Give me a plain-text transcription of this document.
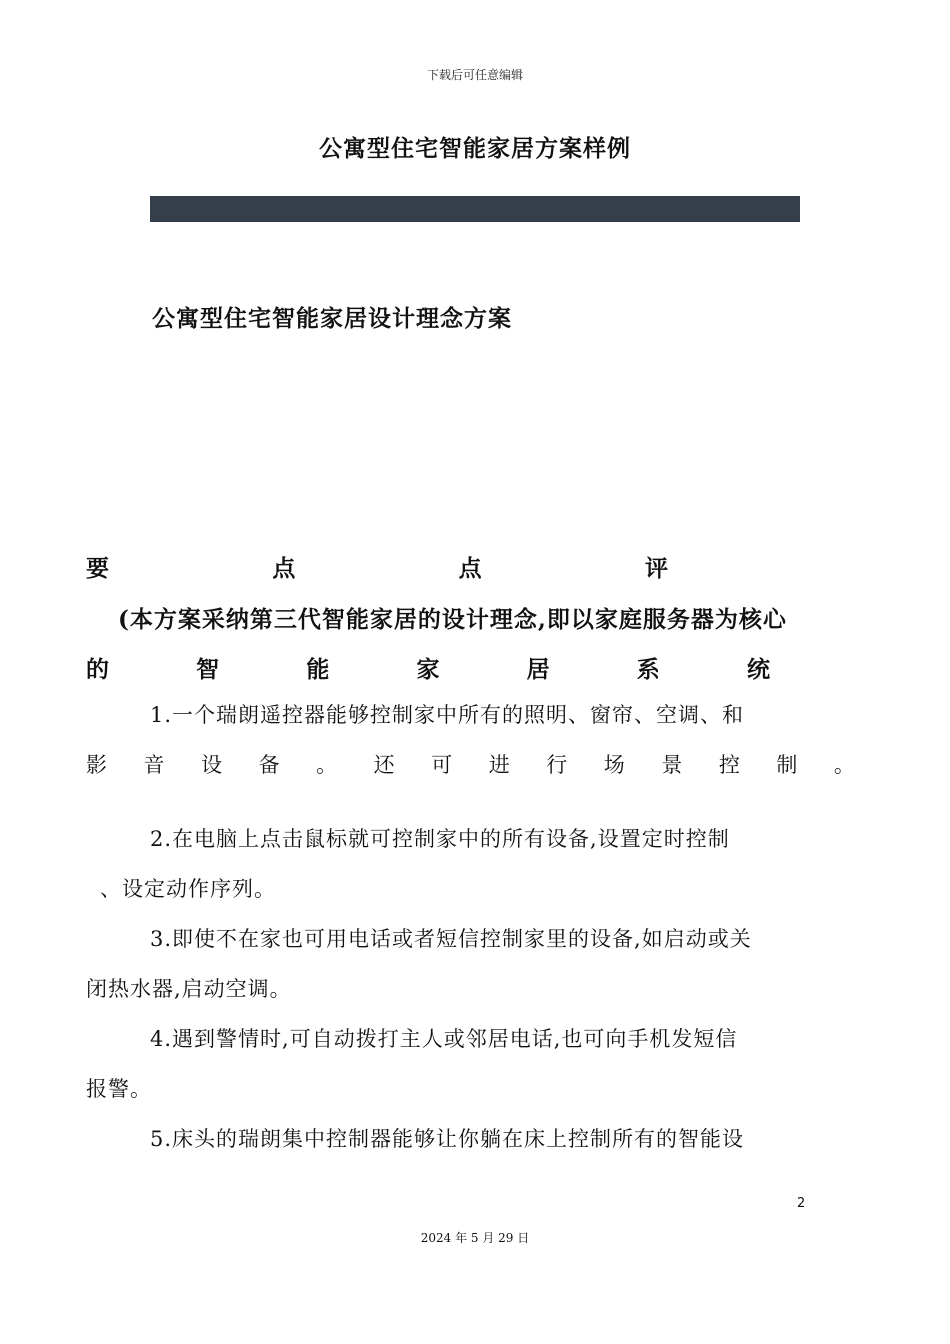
下载后可任意编辑
公寓型住宅智能家居方案样例
公寓型住宅智能家居设计理念方案
要	点	点	评
(本方案采纳第三代智能家居的设计理念,即以家庭服务器为核心
的	智	能	家	居	系	统
1.一个瑞朗遥控器能够控制家中所有的照明、窗帘、空调、和
影 音 设 备 。 还 可 进 行 场 景 控 制 。
2.在电脑上点击鼠标就可控制家中的所有设备,设置定时控制
、设定动作序列。
3.即使不在家也可用电话或者短信控制家里的设备,如启动或关
闭热水器,启动空调。
4.遇到警情时,可自动拨打主人或邻居电话,也可向手机发短信
报警。
5.床头的瑞朗集中控制器能够让你躺在床上控制所有的智能设
2
2024 年 5 月 29 日
